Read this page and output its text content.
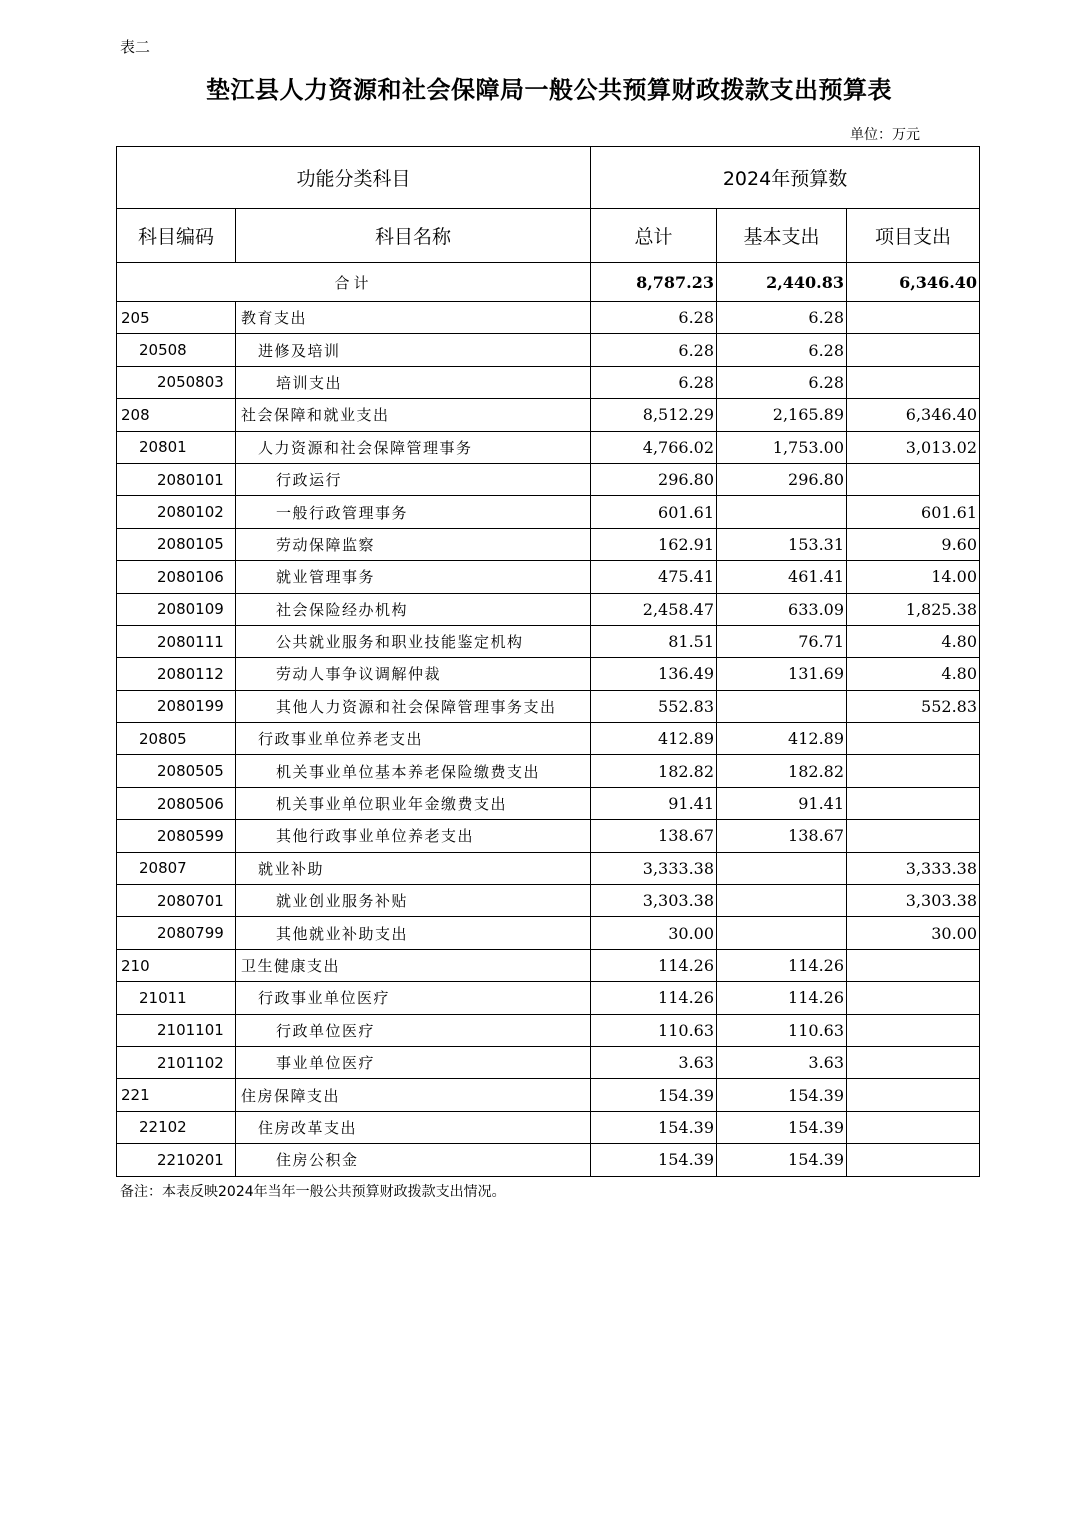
表二
垫江县人力资源和社会保障局一般公共预算财政拨款支出预算表
单位：万元
功能分类科目		2024年预算数		
科目编码	科目名称	总计	基本支出	项目支出
合计		8,787.23	2,440.83	6,346.40
205	教育支出	6.28	6.28	
20508	进修及培训	6.28	6.28	
2050803	培训支出	6.28	6.28	
208	社会保障和就业支出	8,512.29	2,165.89	6,346.40
20801	人力资源和社会保障管理事务	4,766.02	1,753.00	3,013.02
2080101	行政运行	296.80	296.80	
2080102	一般行政管理事务	601.61		601.61
2080105	劳动保障监察	162.91	153.31	9.60
2080106	就业管理事务	475.41	461.41	14.00
2080109	社会保险经办机构	2,458.47	633.09	1,825.38
2080111	公共就业服务和职业技能鉴定机构	81.51	76.71	4.80
2080112	劳动人事争议调解仲裁	136.49	131.69	4.80
2080199	其他人力资源和社会保障管理事务支出	552.83		552.83
20805	行政事业单位养老支出	412.89	412.89	
2080505	机关事业单位基本养老保险缴费支出	182.82	182.82	
2080506	机关事业单位职业年金缴费支出	91.41	91.41	
2080599	其他行政事业单位养老支出	138.67	138.67	
20807	就业补助	3,333.38		3,333.38
2080701	就业创业服务补贴	3,303.38		3,303.38
2080799	其他就业补助支出	30.00		30.00
210	卫生健康支出	114.26	114.26	
21011	行政事业单位医疗	114.26	114.26	
2101101	行政单位医疗	110.63	110.63	
2101102	事业单位医疗	3.63	3.63	
221	住房保障支出	154.39	154.39	
22102	住房改革支出	154.39	154.39	
2210201	住房公积金	154.39	154.39	
备注：本表反映2024年当年一般公共预算财政拨款支出情况。
